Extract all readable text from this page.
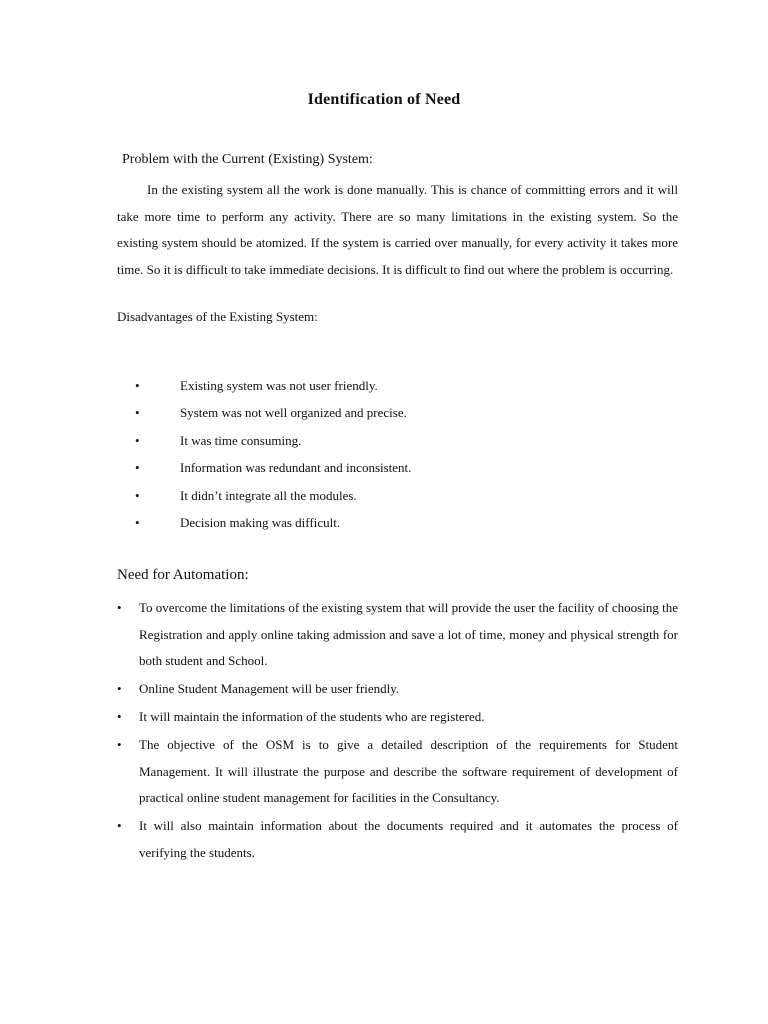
Identification of Need
Problem with the Current (Existing) System:

In the existing system all the work is done manually. This is chance of committing errors and it will take more time to perform any activity. There are so many limitations in the existing system. So the existing system should be atomized. If the system is carried over manually, for every activity it takes more time. So it is difficult to take immediate decisions. It is difficult to find out where the problem is occurring.

Disadvantages of the Existing System:
•	Existing system was not user friendly.
•	System was not well organized and precise.
•	It was time consuming.
•	Information was redundant and inconsistent.
•	It didn’t integrate all the modules.
•	Decision making was difficult.
Need for Automation:
• To overcome the limitations of the existing system that will provide the user the facility of choosing the Registration and apply online taking admission and save a lot of time, money and physical strength for both student and School.
• Online Student Management will be user friendly.
• It will maintain the information of the students who are registered.
• The objective of the OSM is to give a detailed description of the requirements for Student Management. It will illustrate the purpose and describe the software requirement of development of practical online student management for facilities in the Consultancy.
• It will also maintain information about the documents required and it automates the process of verifying the students.
